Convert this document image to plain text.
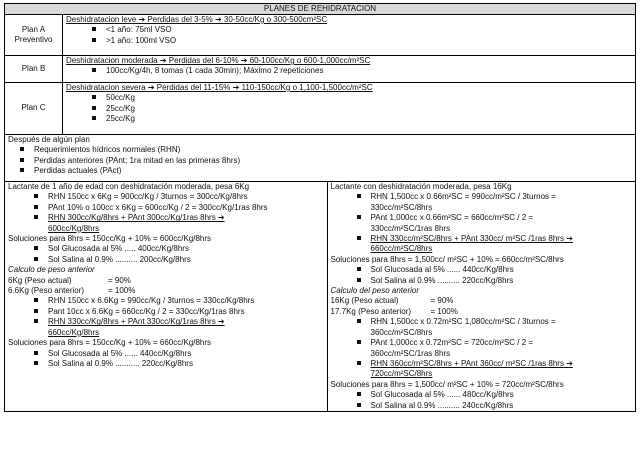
PLANES DE REHIDRATACION

Plan A
Preventivo

Deshidratacion leve ➔ Perdidas del 3-5% ➔ 30-50cc/Kg o 300-500cm²SC
<1 año: 75ml VSO
>1 año: 100ml VSO

Plan B	
Deshidratacion moderada ➔ Perdidas del 6-10% ➔ 60-100cc/Kg o 600-1,000cc/m²SC
100cc/Kg/4h, 8 tomas (1 cada 30min); Máximo 2 repeticiones

Plan C	
Deshidratacion severa ➔ Perdidas del 11-15% ➔ 110-150cc/Kg o 1,100-1,500cc/m²SC
50cc/Kg
25cc/Kg
25cc/Kg

Después de algún plan
Requerimientos hídricos normales (RHN)
Perdidas anteriores (PAnt; 1ra mitad en las primeras 8hrs)
Perdidas actuales (PAct)

Lactante de 1 año de edad con deshidratación moderada, pesa 6Kg
RHN 150cc x 6Kg = 900cc/Kg / 3turnos = 300cc/Kg/8hrs
PAnt 10% o 100cc x 6Kg = 600cc/Kg / 2 = 300cc/Kg/1ras 8hrs
RHN 300cc/Kg/8hrs + PAnt 300cc/Kg/1ras 8hrs ➔
600cc/Kg/8hrs
Soluciones para 8hrs = 150cc/Kg + 10% = 600cc/Kg/8hrs
Sol Glucosada al 5% ..... 400cc/Kg/8hrs
Sol Salina al 0.9% .......... 200cc/Kg/8hrs
Calculo de peso anterior
6Kg (Peso actual)	= 90%
6.6Kg (Peso anterior)	= 100%
RHN 150cc x 6.6Kg = 990cc/Kg / 3turnos = 330cc/Kg/8hrs
Pant 10cc x 6.6Kg = 660cc/Kg / 2 = 330cc/Kg/1ras 8hrs
RHN 330cc/Kg/8hrs + PAnt 330cc/Kg/1ras 8hrs ➔
660cc/Kg/8hrs
Soluciones para 8hrs = 150cc/Kg + 10% = 660cc/Kg/8hrs
Sol Glucosada al 5% ...... 440cc/Kg/8hrs
Sol Salina al 0.9% ........... 220cc/Kg/8hrs

Lactante con deshidratación moderada, pesa 16Kg
RHN 1,500cc x 0.66m²SC = 990cc/m²SC / 3turnos =
330cc/m²SC/8hrs
PAnt 1,000cc x 0.66m²SC = 660cc/m²SC / 2 =
330cc/m²SC/1ras 8hrs
RHN 330cc/m²SC/8hrs + PAnt 330cc/ m²SC /1ras 8hrs ➔
660cc/m²SC/8hrs
Soluciones para 8hrs = 1,500cc/ m²SC + 10% = 660cc/m²SC/8hrs
Sol Glucosada al 5% ...... 440cc/Kg/8hrs
Sol Salina al 0.9% .......... 220cc/Kg/8hrs
Calculo del peso anterior
16Kg (Peso actual)	= 90%
17.7Kg (Peso anterior) = 100%
RHN 1,500cc x 0.72m²SC 1,080cc/m²SC / 3turnos =
360cc/m²SC/8hrs
PAnt 1,000cc x 0.72m²SC = 720cc/m²SC / 2 =
360cc/m²SC/1ras 8hrs
RHN 360cc/m²SC/8hrs + PAnt 360cc/ m²SC /1ras 8hrs ➔
720cc/m²SC/8hrs
Soluciones para 8hrs = 1,500cc/ m²SC + 10% = 720cc/m²SC/8hrs
Sol Glucosada al 5% ...... 480cc/Kg/8hrs
Sol Salina al 0.9% .......... 240cc/Kg/8hrs
